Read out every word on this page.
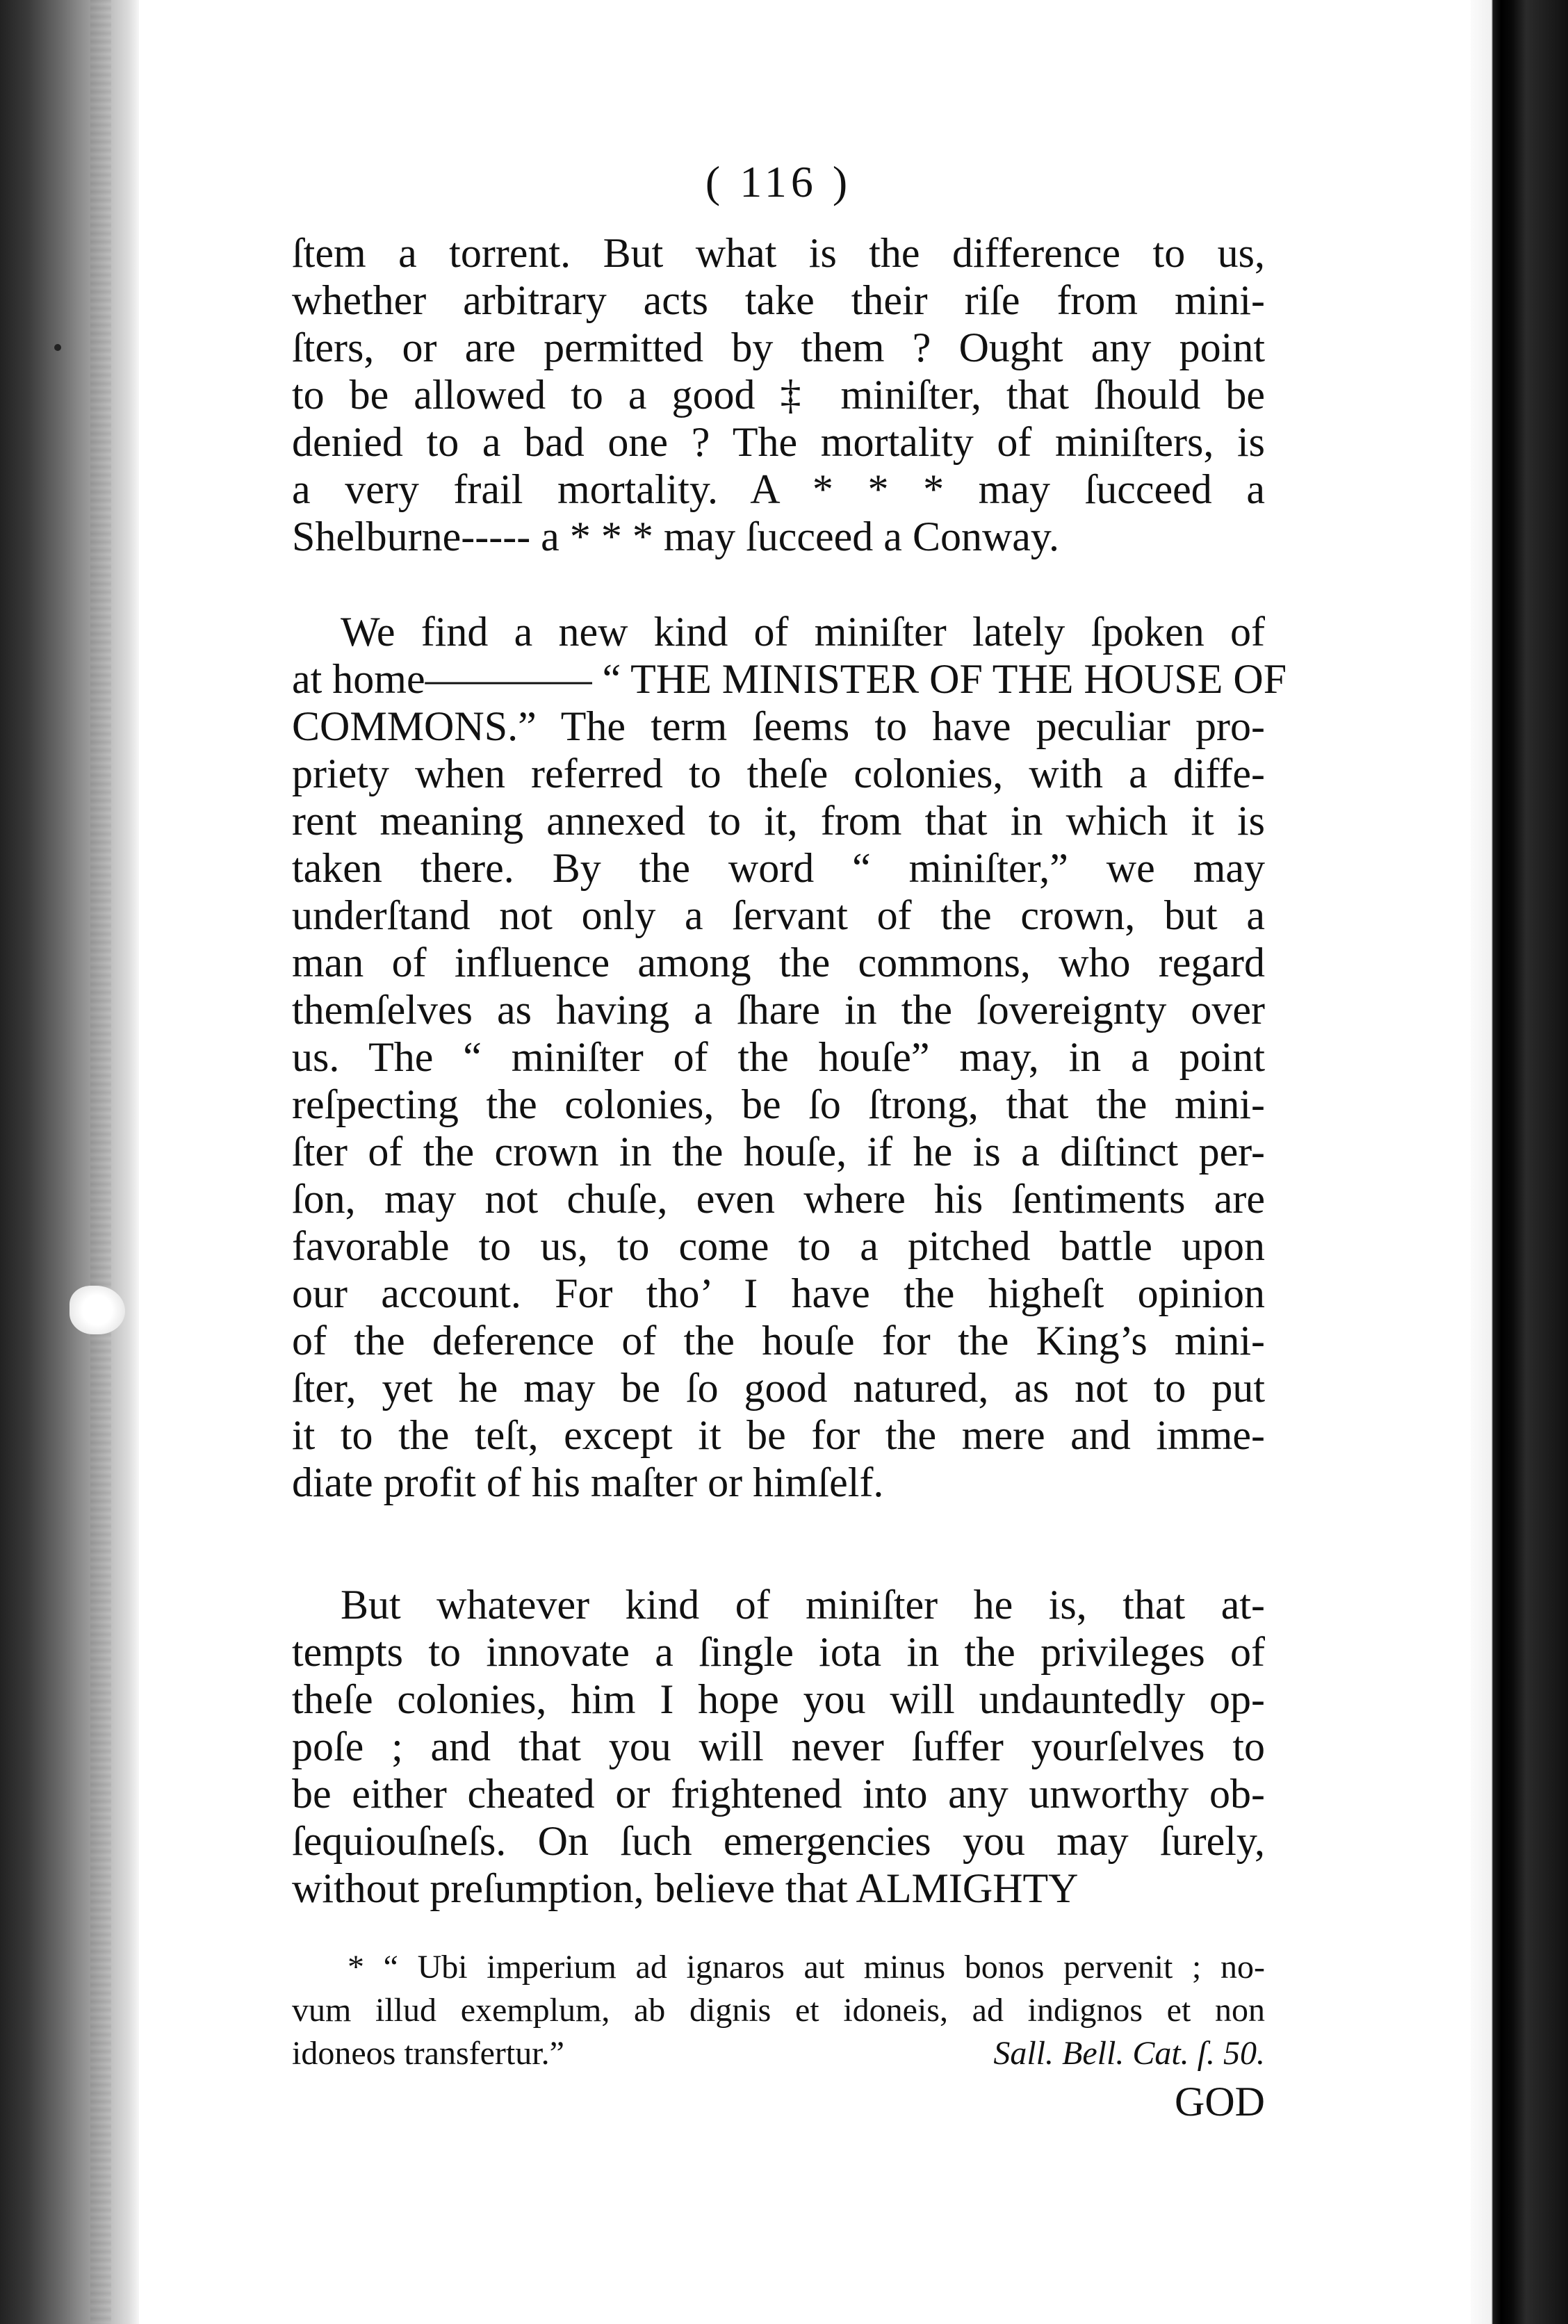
( 116 )
ſtem a torrent. But what is the difference to us,
whether arbitrary acts take their riſe from mini-
ſters, or are permitted by them ? Ought any point
to be allowed to a good ‡ miniſter, that ſhould be
denied to a bad one ? The mortality of miniſters, is
a very frail mortality. A * * * may ſucceed a
Shelburne----- a * * * may ſucceed a Conway.
We find a new kind of miniſter lately ſpoken of
at home———— “ THE MINISTER OF THE HOUSE OF
COMMONS.” The term ſeems to have peculiar pro-
priety when referred to theſe colonies, with a diffe-
rent meaning annexed to it, from that in which it is
taken there. By the word “ miniſter,” we may
underſtand not only a ſervant of the crown, but a
man of influence among the commons, who regard
themſelves as having a ſhare in the ſovereignty over
us. The “ miniſter of the houſe” may, in a point
reſpecting the colonies, be ſo ſtrong, that the mini-
ſter of the crown in the houſe, if he is a diſtinct per-
ſon, may not chuſe, even where his ſentiments are
favorable to us, to come to a pitched battle upon
our account. For tho’ I have the higheſt opinion
of the deference of the houſe for the King’s mini-
ſter, yet he may be ſo good natured, as not to put
it to the teſt, except it be for the mere and imme-
diate profit of his maſter or himſelf.
But whatever kind of miniſter he is, that at-
tempts to innovate a ſingle iota in the privileges of
theſe colonies, him I hope you will undauntedly op-
poſe ; and that you will never ſuffer yourſelves to
be either cheated or frightened into any unworthy ob-
ſequiouſneſs. On ſuch emergencies you may ſurely,
without preſumption, believe that ALMIGHTY
* “ Ubi imperium ad ignaros aut minus bonos pervenit ; no-
vum illud exemplum, ab dignis et idoneis, ad indignos et non
idoneos transfertur.”	Sall. Bell. Cat. ſ. 50.
GOD
